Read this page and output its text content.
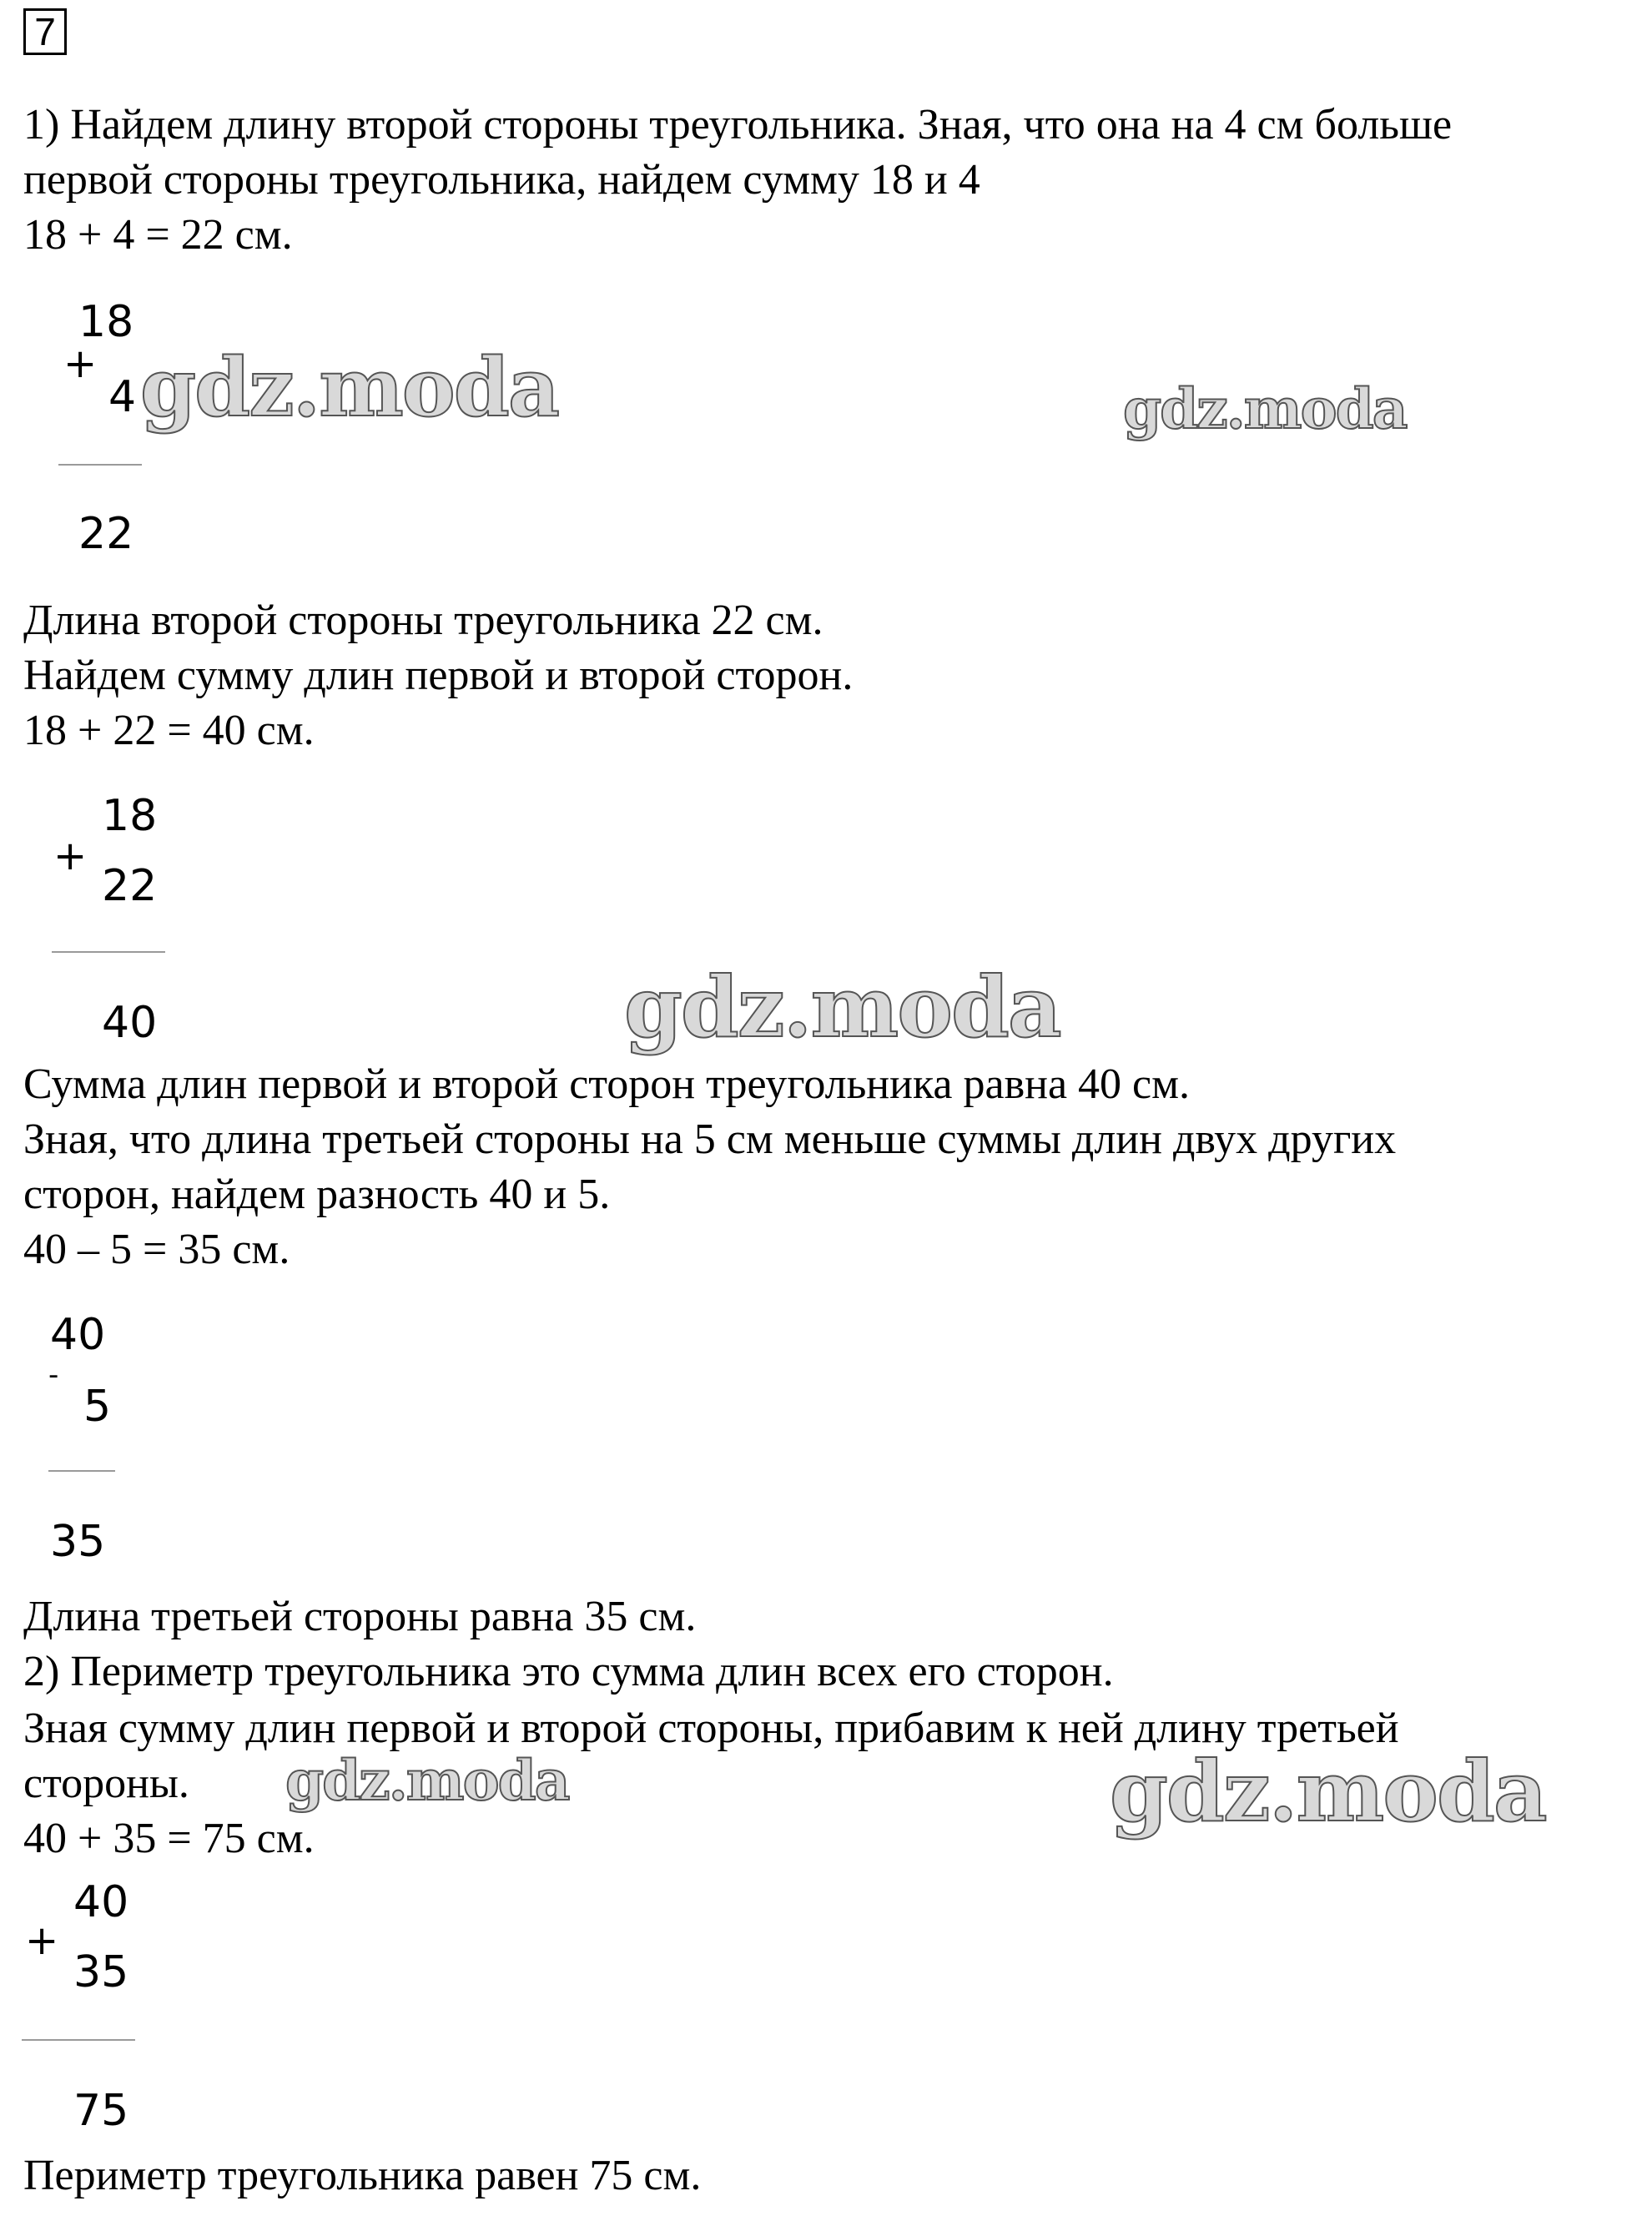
7
1) Найдем длину второй стороны треугольника. Зная, что она на 4 см больше
первой стороны треугольника, найдем сумму 18 и 4
18 + 4 = 22 см.
+
18
4
22
Длина второй стороны треугольника 22 см.
Найдем сумму длин первой и второй сторон.
18 + 22 = 40 см.
+
18
22
40
Сумма длин первой и второй сторон треугольника равна 40 см.
Зная, что длина третьей стороны на 5 см меньше суммы длин двух других
сторон, найдем разность 40 и 5.
40 – 5 = 35 см.
40
-
5
35
Длина третьей стороны равна 35 см.
2) Периметр треугольника это сумма длин всех его сторон.
Зная сумму длин первой и второй стороны, прибавим к ней длину третьей
стороны.
40 + 35 = 75 см.
+
40
35
75
Периметр треугольника равен 75 см.
gdz.moda	gdz.moda
gdz.moda
gdz.moda	gdz.moda
